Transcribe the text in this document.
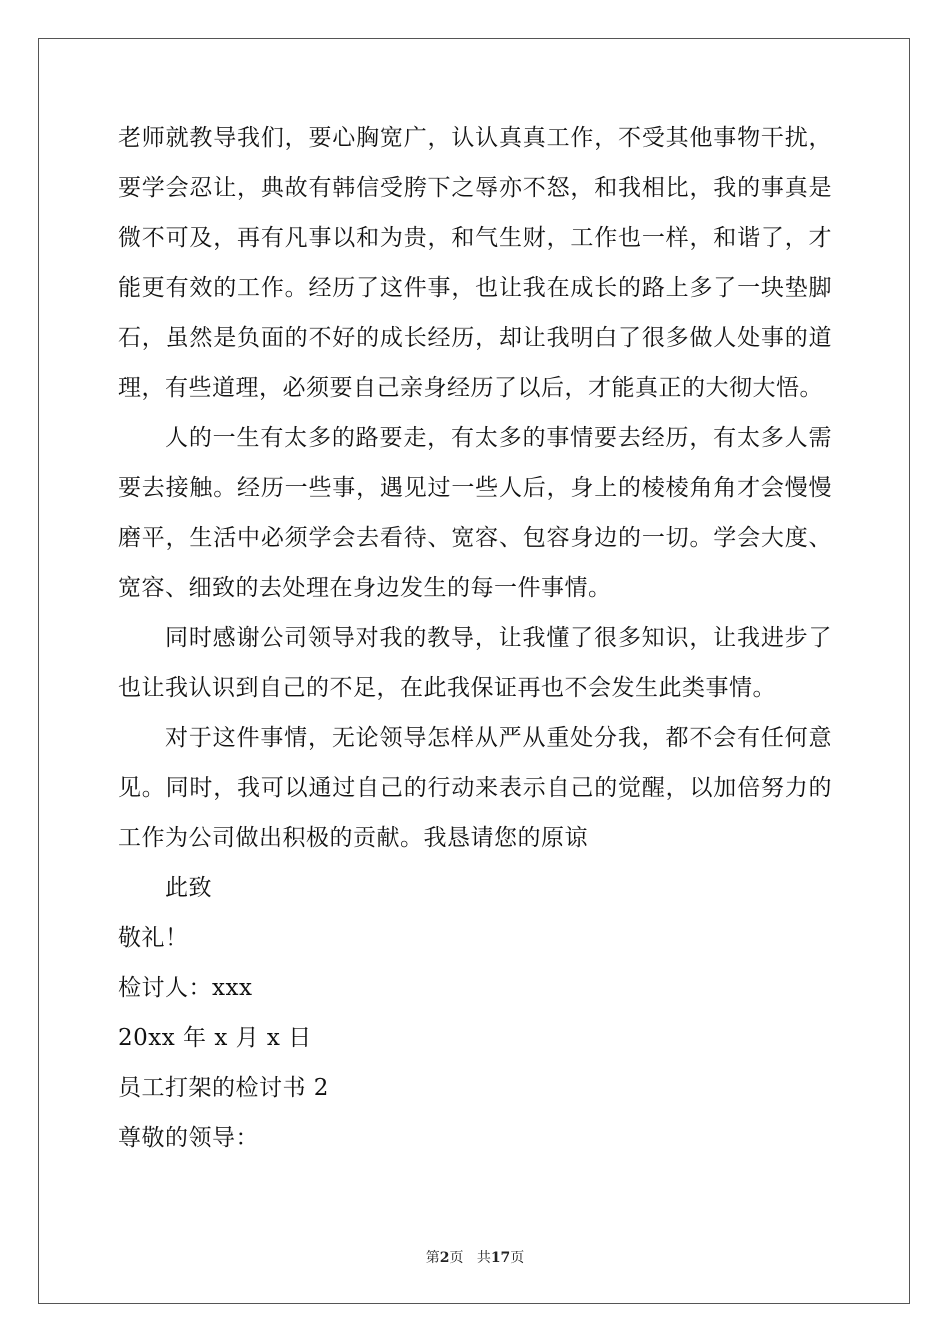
老师就教导我们，要心胸宽广，认认真真工作，不受其他事物干扰，
要学会忍让，典故有韩信受胯下之辱亦不怒，和我相比，我的事真是
微不可及，再有凡事以和为贵，和气生财，工作也一样，和谐了，才
能更有效的工作。经历了这件事，也让我在成长的路上多了一块垫脚
石，虽然是负面的不好的成长经历，却让我明白了很多做人处事的道
理，有些道理，必须要自己亲身经历了以后，才能真正的大彻大悟。
人的一生有太多的路要走，有太多的事情要去经历，有太多人需
要去接触。经历一些事，遇见过一些人后，身上的棱棱角角才会慢慢
磨平，生活中必须学会去看待、宽容、包容身边的一切。学会大度、
宽容、细致的去处理在身边发生的每一件事情。
同时感谢公司领导对我的教导，让我懂了很多知识，让我进步了
也让我认识到自己的不足，在此我保证再也不会发生此类事情。
对于这件事情，无论领导怎样从严从重处分我，都不会有任何意
见。同时，我可以通过自己的行动来表示自己的觉醒，以加倍努力的
工作为公司做出积极的贡献。我恳请您的原谅
此致
敬礼！
检讨人：xxx
20xx 年 x 月 x 日
员工打架的检讨书 2
尊敬的领导：
第2页 共17页
